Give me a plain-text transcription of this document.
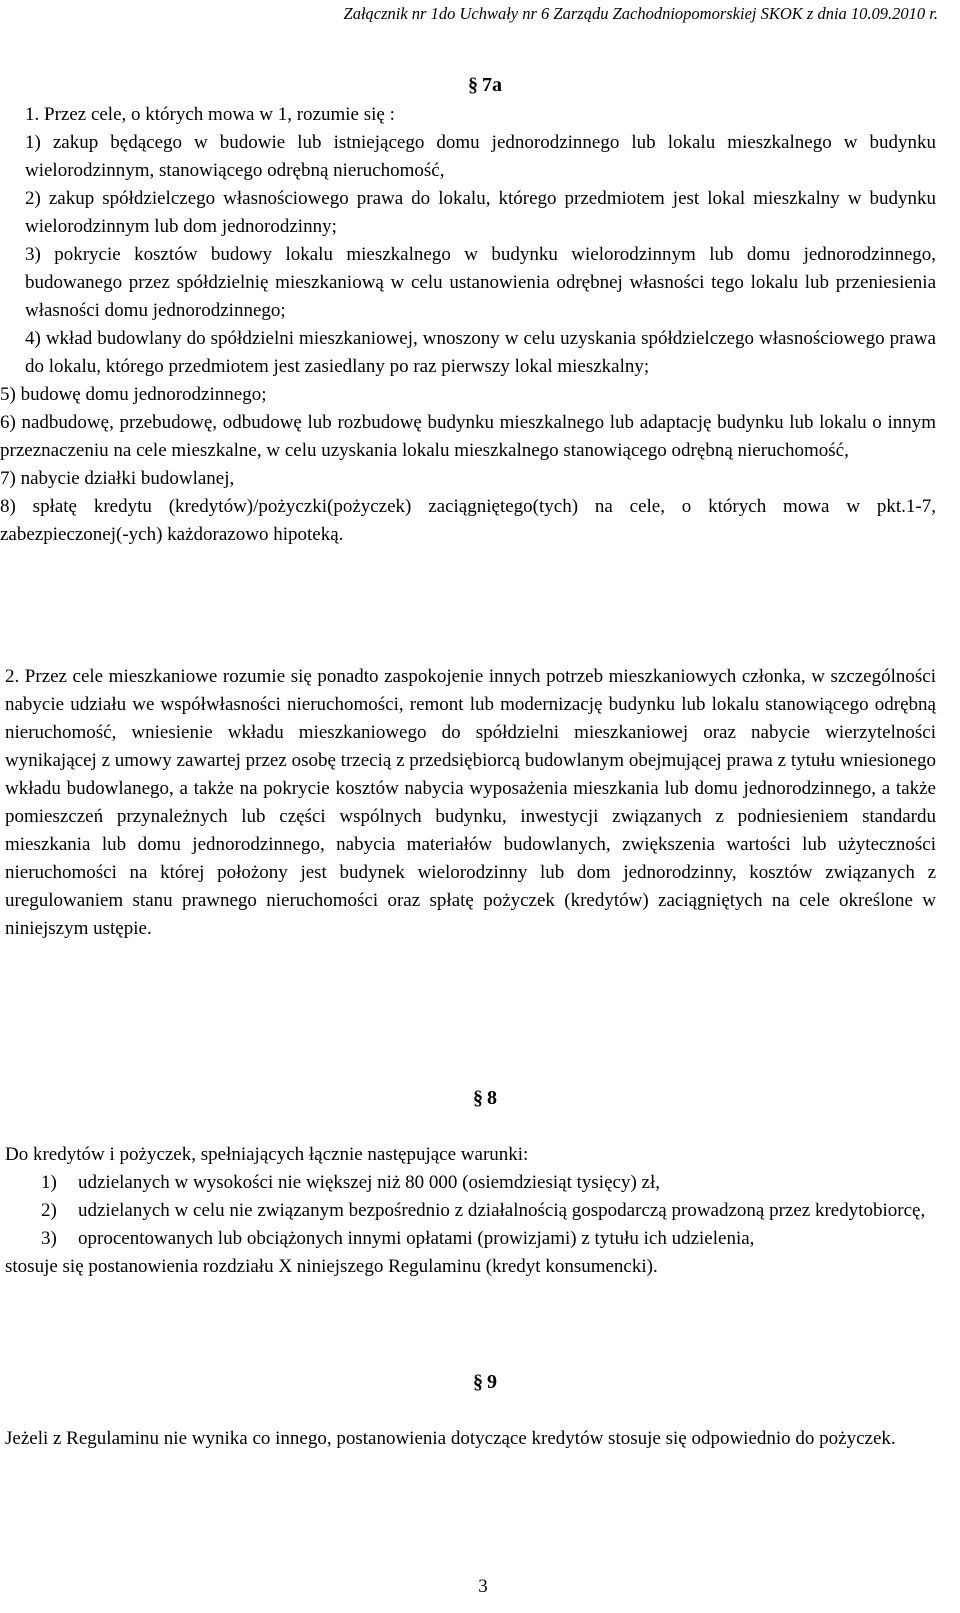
Załącznik nr 1do Uchwały nr 6 Zarządu Zachodniopomorskiej SKOK z dnia 10.09.2010 r.
§ 7a

1. Przez cele, o których mowa w 1, rozumie się :

1) zakup będącego w budowie lub istniejącego domu jednorodzinnego lub lokalu mieszkalnego w budynku wielorodzinnym, stanowiącego odrębną nieruchomość,

2) zakup spółdzielczego własnościowego prawa do lokalu, którego przedmiotem jest lokal mieszkalny w budynku wielorodzinnym lub dom jednorodzinny;

3) pokrycie kosztów budowy lokalu mieszkalnego w budynku wielorodzinnym lub domu jednorodzinnego, budowanego przez spółdzielnię mieszkaniową w celu ustanowienia odrębnej własności tego lokalu lub przeniesienia własności domu jednorodzinnego;

4) wkład budowlany do spółdzielni mieszkaniowej, wnoszony w celu uzyskania spółdzielczego własnościowego prawa do lokalu, którego przedmiotem jest zasiedlany po raz pierwszy lokal mieszkalny;

5) budowę domu jednorodzinnego;

6) nadbudowę, przebudowę, odbudowę lub rozbudowę budynku mieszkalnego lub adaptację budynku lub lokalu o innym przeznaczeniu na cele mieszkalne, w celu uzyskania lokalu mieszkalnego stanowiącego odrębną nieruchomość,

7) nabycie działki budowlanej,

8) spłatę kredytu (kredytów)/pożyczki(pożyczek) zaciągniętego(tych) na cele, o których mowa w pkt.1-7, zabezpieczonej(-ych) każdorazowo hipoteką.

2. Przez cele mieszkaniowe rozumie się ponadto zaspokojenie innych potrzeb mieszkaniowych członka, w szczególności nabycie udziału we współwłasności nieruchomości, remont lub modernizację budynku lub lokalu stanowiącego odrębną nieruchomość, wniesienie wkładu mieszkaniowego do spółdzielni mieszkaniowej oraz nabycie wierzytelności wynikającej z umowy zawartej przez osobę trzecią z przedsiębiorcą budowlanym obejmującej prawa z tytułu wniesionego wkładu budowlanego, a także na pokrycie kosztów nabycia wyposażenia mieszkania lub domu jednorodzinnego, a także pomieszczeń przynależnych lub części wspólnych budynku, inwestycji związanych z podniesieniem standardu mieszkania lub domu jednorodzinnego, nabycia materiałów budowlanych, zwiększenia wartości lub użyteczności nieruchomości na której położony jest budynek wielorodzinny lub dom jednorodzinny, kosztów związanych z uregulowaniem stanu prawnego nieruchomości oraz spłatę pożyczek (kredytów) zaciągniętych na cele określone w niniejszym ustępie.

§ 8

Do kredytów i pożyczek, spełniających łącznie następujące warunki:

1) udzielanych w wysokości nie większej niż 80 000 (osiemdziesiąt tysięcy) zł,
2) udzielanych w celu nie związanym bezpośrednio z działalnością gospodarczą prowadzoną przez kredytobiorcę,
3) oprocentowanych lub obciążonych innymi opłatami (prowizjami) z tytułu ich udzielenia,

stosuje się postanowienia rozdziału X niniejszego Regulaminu (kredyt konsumencki).

§ 9

Jeżeli z Regulaminu nie wynika co innego, postanowienia dotyczące kredytów stosuje się odpowiednio do pożyczek.

3
